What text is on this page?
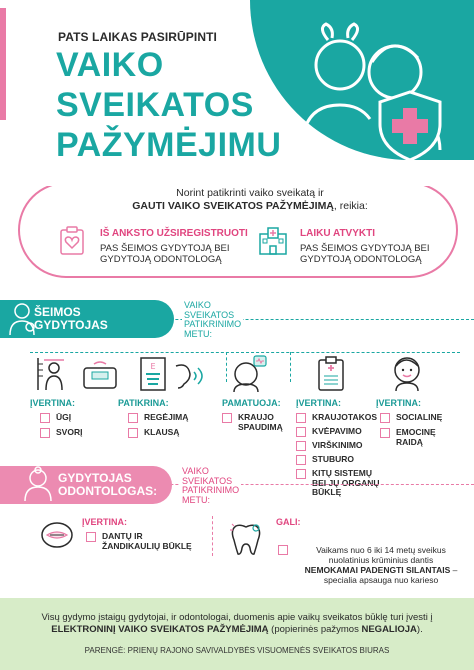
PATS LAIKAS PASIRŪPINTI
VAIKO
SVEIKATOS
PAŽYMĖJIMU
Norint patikrinti vaiko sveikatą ir
GAUTI VAIKO SVEIKATOS PAŽYMĖJIMĄ, reikia:
IŠ ANKSTO UŽSIREGISTRUOTI
PAS ŠEIMOS GYDYTOJĄ BEI
GYDYTOJĄ ODONTOLOGĄ
LAIKU ATVYKTI
PAS ŠEIMOS GYDYTOJĄ BEI
GYDYTOJĄ ODONTOLOGĄ
ŠEIMOS
GYDYTOJAS
VAIKO
SVEIKATOS
PATIKRINIMO
METU:
E
ĮVERTINA:
ŪGĮ
SVORĮ
PATIKRINA:
REGĖJIMĄ
KLAUSĄ
PAMATUOJA:
KRAUJO
SPAUDIMĄ
ĮVERTINA:
KRAUJOTAKOS
KVĖPAVIMO
VIRŠKINIMO
STUBURO
KITŲ SISTEMŲ
BEI JŲ ORGANŲ
BŪKLĘ
ĮVERTINA:
SOCIALINĘ
EMOCINĘ
RAIDĄ
GYDYTOJAS
ODONTOLOGAS:
VAIKO
SVEIKATOS
PATIKRINIMO
METU:
ĮVERTINA:
DANTŲ IR
ŽANDIKAULIŲ BŪKLĘ
GALI:
Vaikams nuo 6 iki 14 metų sveikus
nuolatinius krūminius dantis
NEMOKAMAI PADENGTI SILANTAIS –
specialia apsauga nuo karieso
Visų gydymo įstaigų gydytojai, ir odontologai, duomenis apie vaikų sveikatos būklę turi įvesti į
ELEKTRONINĮ VAIKO SVEIKATOS PAŽYMĖJIMĄ (popierinės pažymos NEGALIOJA).
PARENGĖ: PRIENŲ RAJONO SAVIVALDYBĖS VISUOMENĖS SVEIKATOS BIURAS
